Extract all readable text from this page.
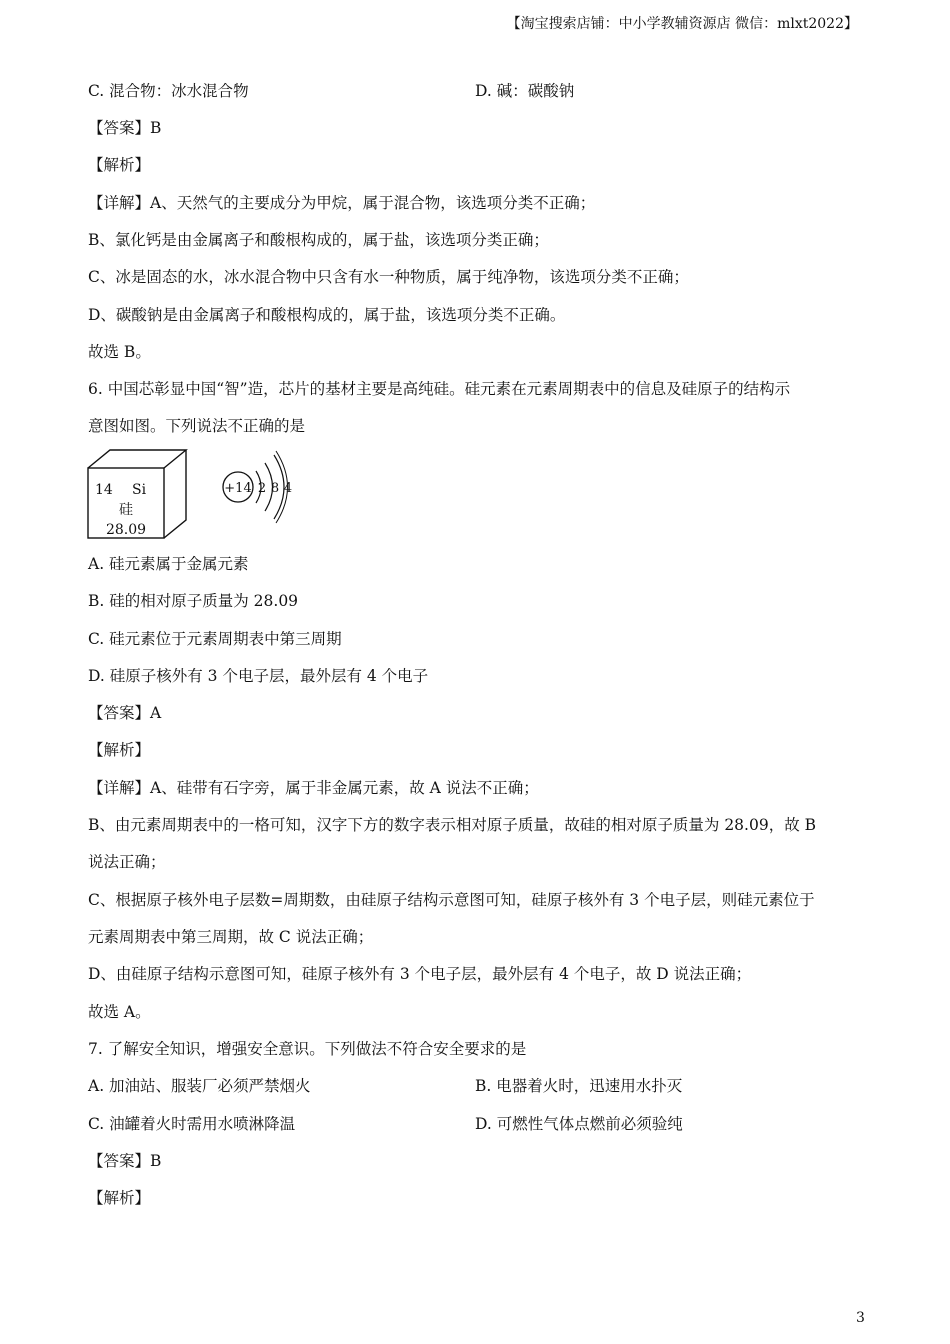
【淘宝搜索店铺：中小学教辅资源店 微信：mlxt2022】
C. 混合物：冰水混合物	D. 碱：碳酸钠
【答案】B
【解析】
【详解】A、天然气的主要成分为甲烷，属于混合物，该选项分类不正确；
B、氯化钙是由金属离子和酸根构成的，属于盐，该选项分类正确；
C、冰是固态的水，冰水混合物中只含有水一种物质，属于纯净物，该选项分类不正确；
D、碳酸钠是由金属离子和酸根构成的，属于盐，该选项分类不正确。
故选 B。
6. 中国芯彰显中国“智”造，芯片的基材主要是高纯硅。硅元素在元素周期表中的信息及硅原子的结构示
意图如图。下列说法不正确的是
14 Si
硅
28.09
+14 2 8 4
A. 硅元素属于金属元素
B. 硅的相对原子质量为 28.09
C. 硅元素位于元素周期表中第三周期
D. 硅原子核外有 3 个电子层，最外层有 4 个电子
【答案】A
【解析】
【详解】A、硅带有石字旁，属于非金属元素，故 A 说法不正确；
B、由元素周期表中的一格可知，汉字下方的数字表示相对原子质量，故硅的相对原子质量为 28.09，故 B
说法正确；
C、根据原子核外电子层数=周期数，由硅原子结构示意图可知，硅原子核外有 3 个电子层，则硅元素位于
元素周期表中第三周期，故 C 说法正确；
D、由硅原子结构示意图可知，硅原子核外有 3 个电子层，最外层有 4 个电子，故 D 说法正确；
故选 A。
7. 了解安全知识，增强安全意识。下列做法不符合安全要求的是
A. 加油站、服装厂必须严禁烟火	B. 电器着火时，迅速用水扑灭
C. 油罐着火时需用水喷淋降温	D. 可燃性气体点燃前必须验纯
【答案】B
【解析】
3
